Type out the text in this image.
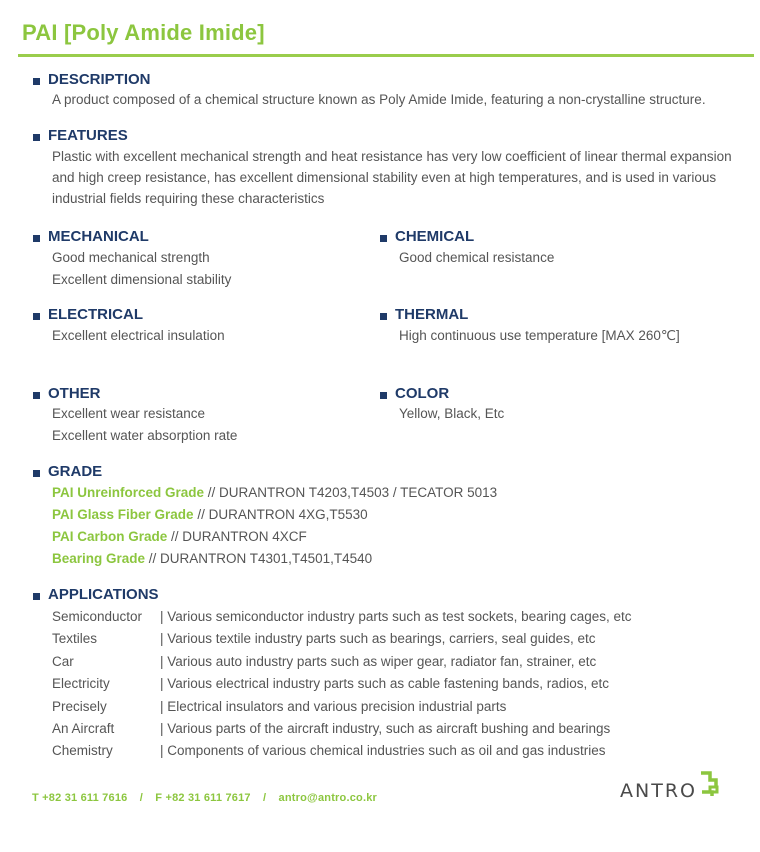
PAI [Poly Amide Imide]
DESCRIPTION
A product composed of a chemical structure known as Poly Amide Imide, featuring a non-crystalline structure.
FEATURES
Plastic with excellent mechanical strength and heat resistance has very low coefficient of linear thermal expansion and high creep resistance, has excellent dimensional stability even at high temperatures, and is used in various industrial fields requiring these characteristics
MECHANICAL
Good mechanical strength
Excellent dimensional stability
CHEMICAL
Good chemical resistance
ELECTRICAL
Excellent electrical insulation
THERMAL
High continuous use temperature [MAX 260℃]
OTHER
Excellent wear resistance
Excellent water absorption rate
COLOR
Yellow, Black, Etc
GRADE
PAI Unreinforced Grade // DURANTRON T4203,T4503 / TECATOR 5013
PAI Glass Fiber Grade // DURANTRON 4XG,T5530
PAI Carbon Grade // DURANTRON 4XCF
Bearing Grade // DURANTRON T4301,T4501,T4540
APPLICATIONS
Semiconductor	| Various semiconductor industry parts such as test sockets, bearing cages, etc
Textiles	| Various textile industry parts such as bearings, carriers, seal guides, etc
Car	| Various auto industry parts such as wiper gear, radiator fan, strainer, etc
Electricity	| Various electrical industry parts such as cable fastening bands, radios, etc
Precisely	| Electrical insulators and various precision industrial parts
An Aircraft	| Various parts of the aircraft industry, such as aircraft bushing and bearings
Chemistry	| Components of various chemical industries such as oil and gas industries
T +82 31 611 7616 / F +82 31 611 7617 / antro@antro.co.kr	ANTRO
